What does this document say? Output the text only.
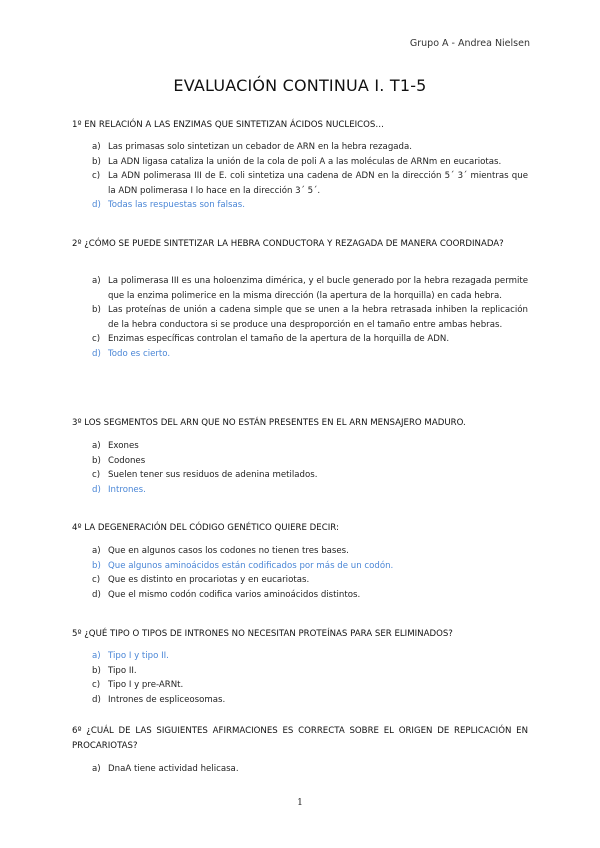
Grupo A - Andrea Nielsen
EVALUACIÓN CONTINUA I. T1-5
1º EN RELACIÓN A LAS ENZIMAS QUE SINTETIZAN ÁCIDOS NUCLEICOS…
a) Las primasas solo sintetizan un cebador de ARN en la hebra rezagada.
b) La ADN ligasa cataliza la unión de la cola de poli A a las moléculas de ARNm en eucariotas.
c) La ADN polimerasa III de E. coli sintetiza una cadena de ADN en la dirección 5´ 3´ mientras que la ADN polimerasa I lo hace en la dirección 3´ 5´.
d) Todas las respuestas son falsas.
2º ¿CÓMO SE PUEDE SINTETIZAR LA HEBRA CONDUCTORA Y REZAGADA DE MANERA COORDINADA?
a) La polimerasa III es una holoenzima dimérica, y el bucle generado por la hebra rezagada permite que la enzima polimerice en la misma dirección (la apertura de la horquilla) en cada hebra.
b) Las proteínas de unión a cadena simple que se unen a la hebra retrasada inhiben la replicación de la hebra conductora si se produce una desproporción en el tamaño entre ambas hebras.
c) Enzimas específicas controlan el tamaño de la apertura de la horquilla de ADN.
d) Todo es cierto.
3º LOS SEGMENTOS DEL ARN QUE NO ESTÁN PRESENTES EN EL ARN MENSAJERO MADURO.
a) Exones
b) Codones
c) Suelen tener sus residuos de adenina metilados.
d) Intrones.
4º LA DEGENERACIÓN DEL CÓDIGO GENÉTICO QUIERE DECIR:
a) Que en algunos casos los codones no tienen tres bases.
b) Que algunos aminoácidos están codificados por más de un codón.
c) Que es distinto en procariotas y en eucariotas.
d) Que el mismo codón codifica varios aminoácidos distintos.
5º ¿QUÉ TIPO O TIPOS DE INTRONES NO NECESITAN PROTEÍNAS PARA SER ELIMINADOS?
a) Tipo I y tipo II.
b) Tipo II.
c) Tipo I y pre-ARNt.
d) Intrones de espliceosomas.
6º ¿CUÁL DE LAS SIGUIENTES AFIRMACIONES ES CORRECTA SOBRE EL ORIGEN DE REPLICACIÓN EN PROCARIOTAS?
a) DnaA tiene actividad helicasa.
1
